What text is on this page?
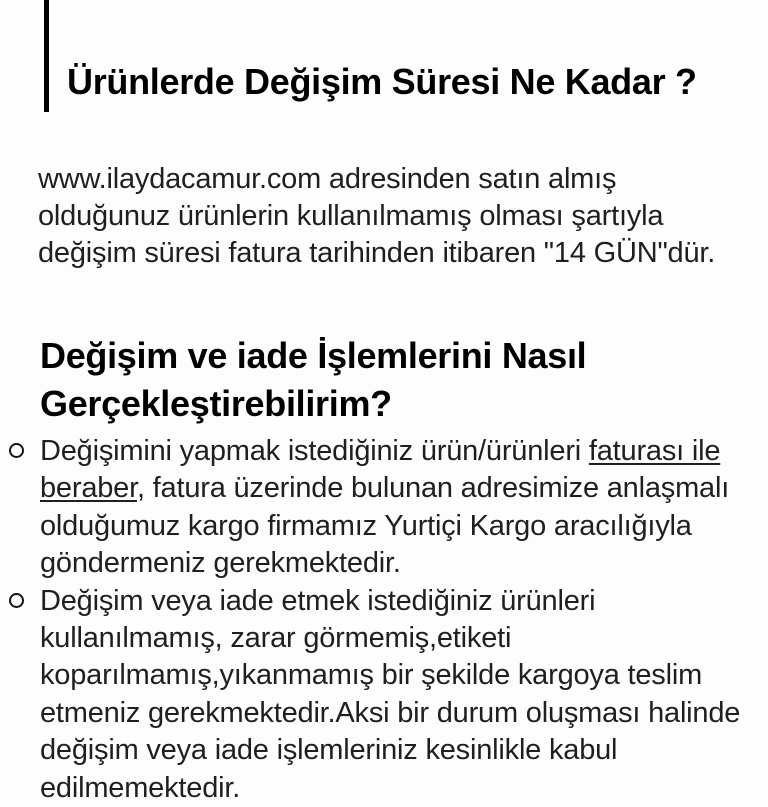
Ürünlerde Değişim Süresi Ne Kadar ?
www.ilaydacamur.com adresinden satın almış
olduğunuz ürünlerin kullanılmamış olması şartıyla
değişim süresi fatura tarihinden itibaren "14 GÜN"dür.
Değişim ve iade İşlemlerini Nasıl
Gerçekleştirebilirim?
Değişimini yapmak istediğiniz ürün/ürünleri faturası ile
beraber, fatura üzerinde bulunan adresimize anlaşmalı
olduğumuz kargo firmamız Yurtiçi Kargo aracılığıyla
göndermeniz gerekmektedir.
Değişim veya iade etmek istediğiniz ürünleri
kullanılmamış, zarar görmemiş,etiketi
koparılmamış,yıkanmamış bir şekilde kargoya teslim
etmeniz gerekmektedir.Aksi bir durum oluşması halinde
değişim veya iade işlemleriniz kesinlikle kabul
edilmemektedir.
